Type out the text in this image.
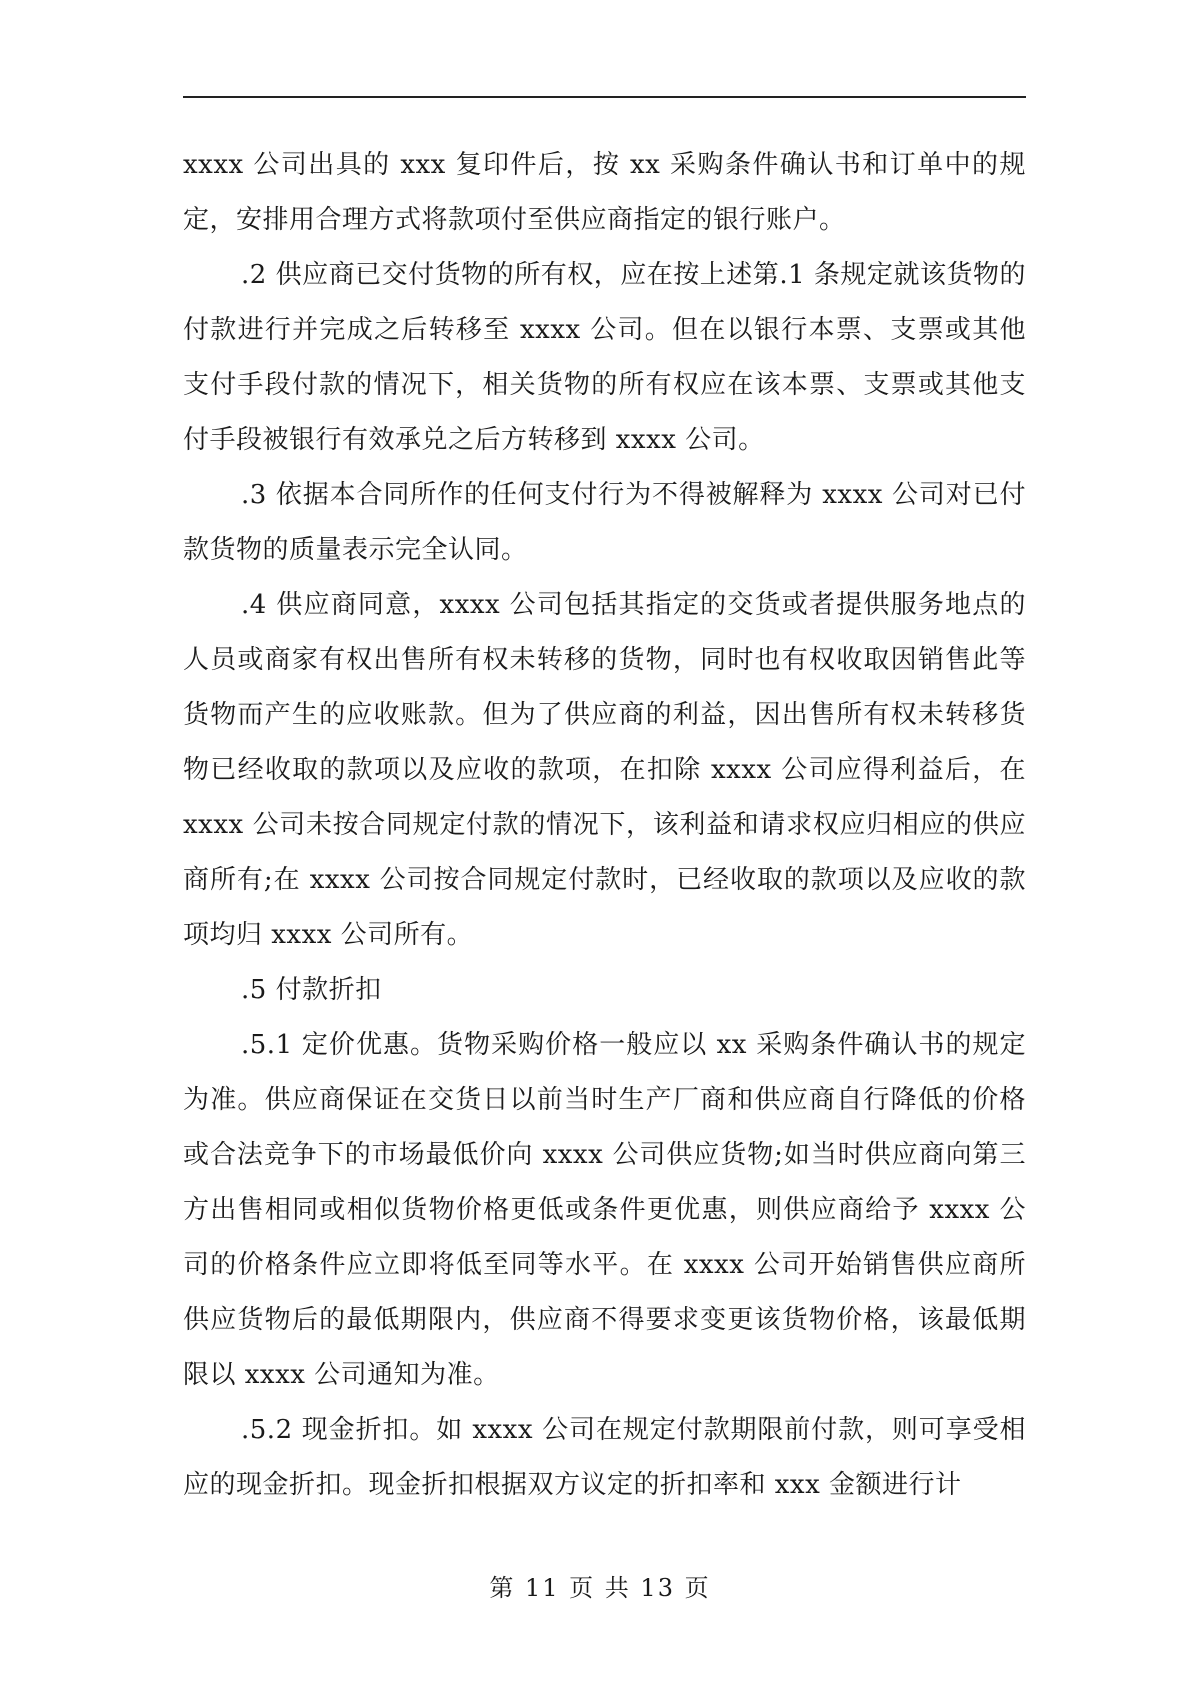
xxxx 公司出具的 xxx 复印件后，按 xx 采购条件确认书和订单中的规定，安排用合理方式将款项付至供应商指定的银行账户。

.2 供应商已交付货物的所有权，应在按上述第.1 条规定就该货物的付款进行并完成之后转移至 xxxx 公司。但在以银行本票、支票或其他支付手段付款的情况下，相关货物的所有权应在该本票、支票或其他支付手段被银行有效承兑之后方转移到 xxxx 公司。

.3 依据本合同所作的任何支付行为不得被解释为 xxxx 公司对已付款货物的质量表示完全认同。

.4 供应商同意，xxxx 公司包括其指定的交货或者提供服务地点的人员或商家有权出售所有权未转移的货物，同时也有权收取因销售此等货物而产生的应收账款。但为了供应商的利益，因出售所有权未转移货物已经收取的款项以及应收的款项，在扣除 xxxx 公司应得利益后，在 xxxx 公司未按合同规定付款的情况下，该利益和请求权应归相应的供应商所有;在 xxxx 公司按合同规定付款时，已经收取的款项以及应收的款项均归 xxxx 公司所有。

.5 付款折扣

.5.1 定价优惠。货物采购价格一般应以 xx 采购条件确认书的规定为准。供应商保证在交货日以前当时生产厂商和供应商自行降低的价格或合法竞争下的市场最低价向 xxxx 公司供应货物;如当时供应商向第三方出售相同或相似货物价格更低或条件更优惠，则供应商给予 xxxx 公司的价格条件应立即将低至同等水平。在 xxxx 公司开始销售供应商所供应货物后的最低期限内，供应商不得要求变更该货物价格，该最低期限以 xxxx 公司通知为准。

.5.2 现金折扣。如 xxxx 公司在规定付款期限前付款，则可享受相应的现金折扣。现金折扣根据双方议定的折扣率和 xxx 金额进行计

第 11 页 共 13 页
